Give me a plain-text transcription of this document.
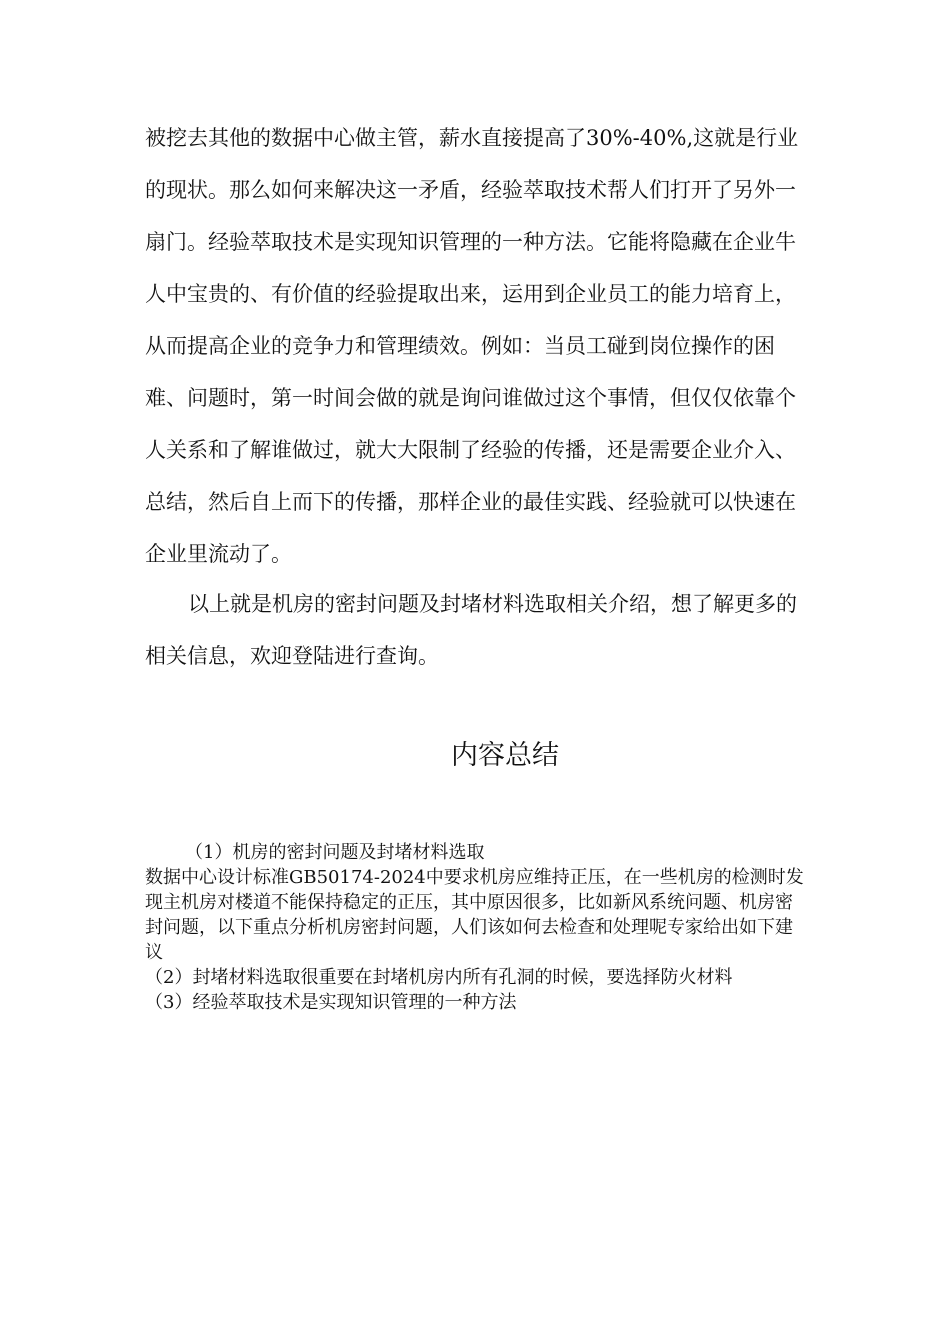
被挖去其他的数据中心做主管，薪水直接提高了30%-40%,这就是行业的现状。那么如何来解决这一矛盾，经验萃取技术帮人们打开了另外一扇门。经验萃取技术是实现知识管理的一种方法。它能将隐藏在企业牛人中宝贵的、有价值的经验提取出来，运用到企业员工的能力培育上，从而提高企业的竞争力和管理绩效。例如：当员工碰到岗位操作的困难、问题时，第一时间会做的就是询问谁做过这个事情，但仅仅依靠个人关系和了解谁做过，就大大限制了经验的传播，还是需要企业介入、总结，然后自上而下的传播，那样企业的最佳实践、经验就可以快速在企业里流动了。

以上就是机房的密封问题及封堵材料选取相关介绍，想了解更多的相关信息，欢迎登陆进行查询。

内容总结
（1）机房的密封问题及封堵材料选取
数据中心设计标准GB50174-2024中要求机房应维持正压，在一些机房的检测时发现主机房对楼道不能保持稳定的正压，其中原因很多，比如新风系统问题、机房密封问题，以下重点分析机房密封问题，人们该如何去检查和处理呢专家给出如下建议
（2）封堵材料选取很重要在封堵机房内所有孔洞的时候，要选择防火材料
（3）经验萃取技术是实现知识管理的一种方法
